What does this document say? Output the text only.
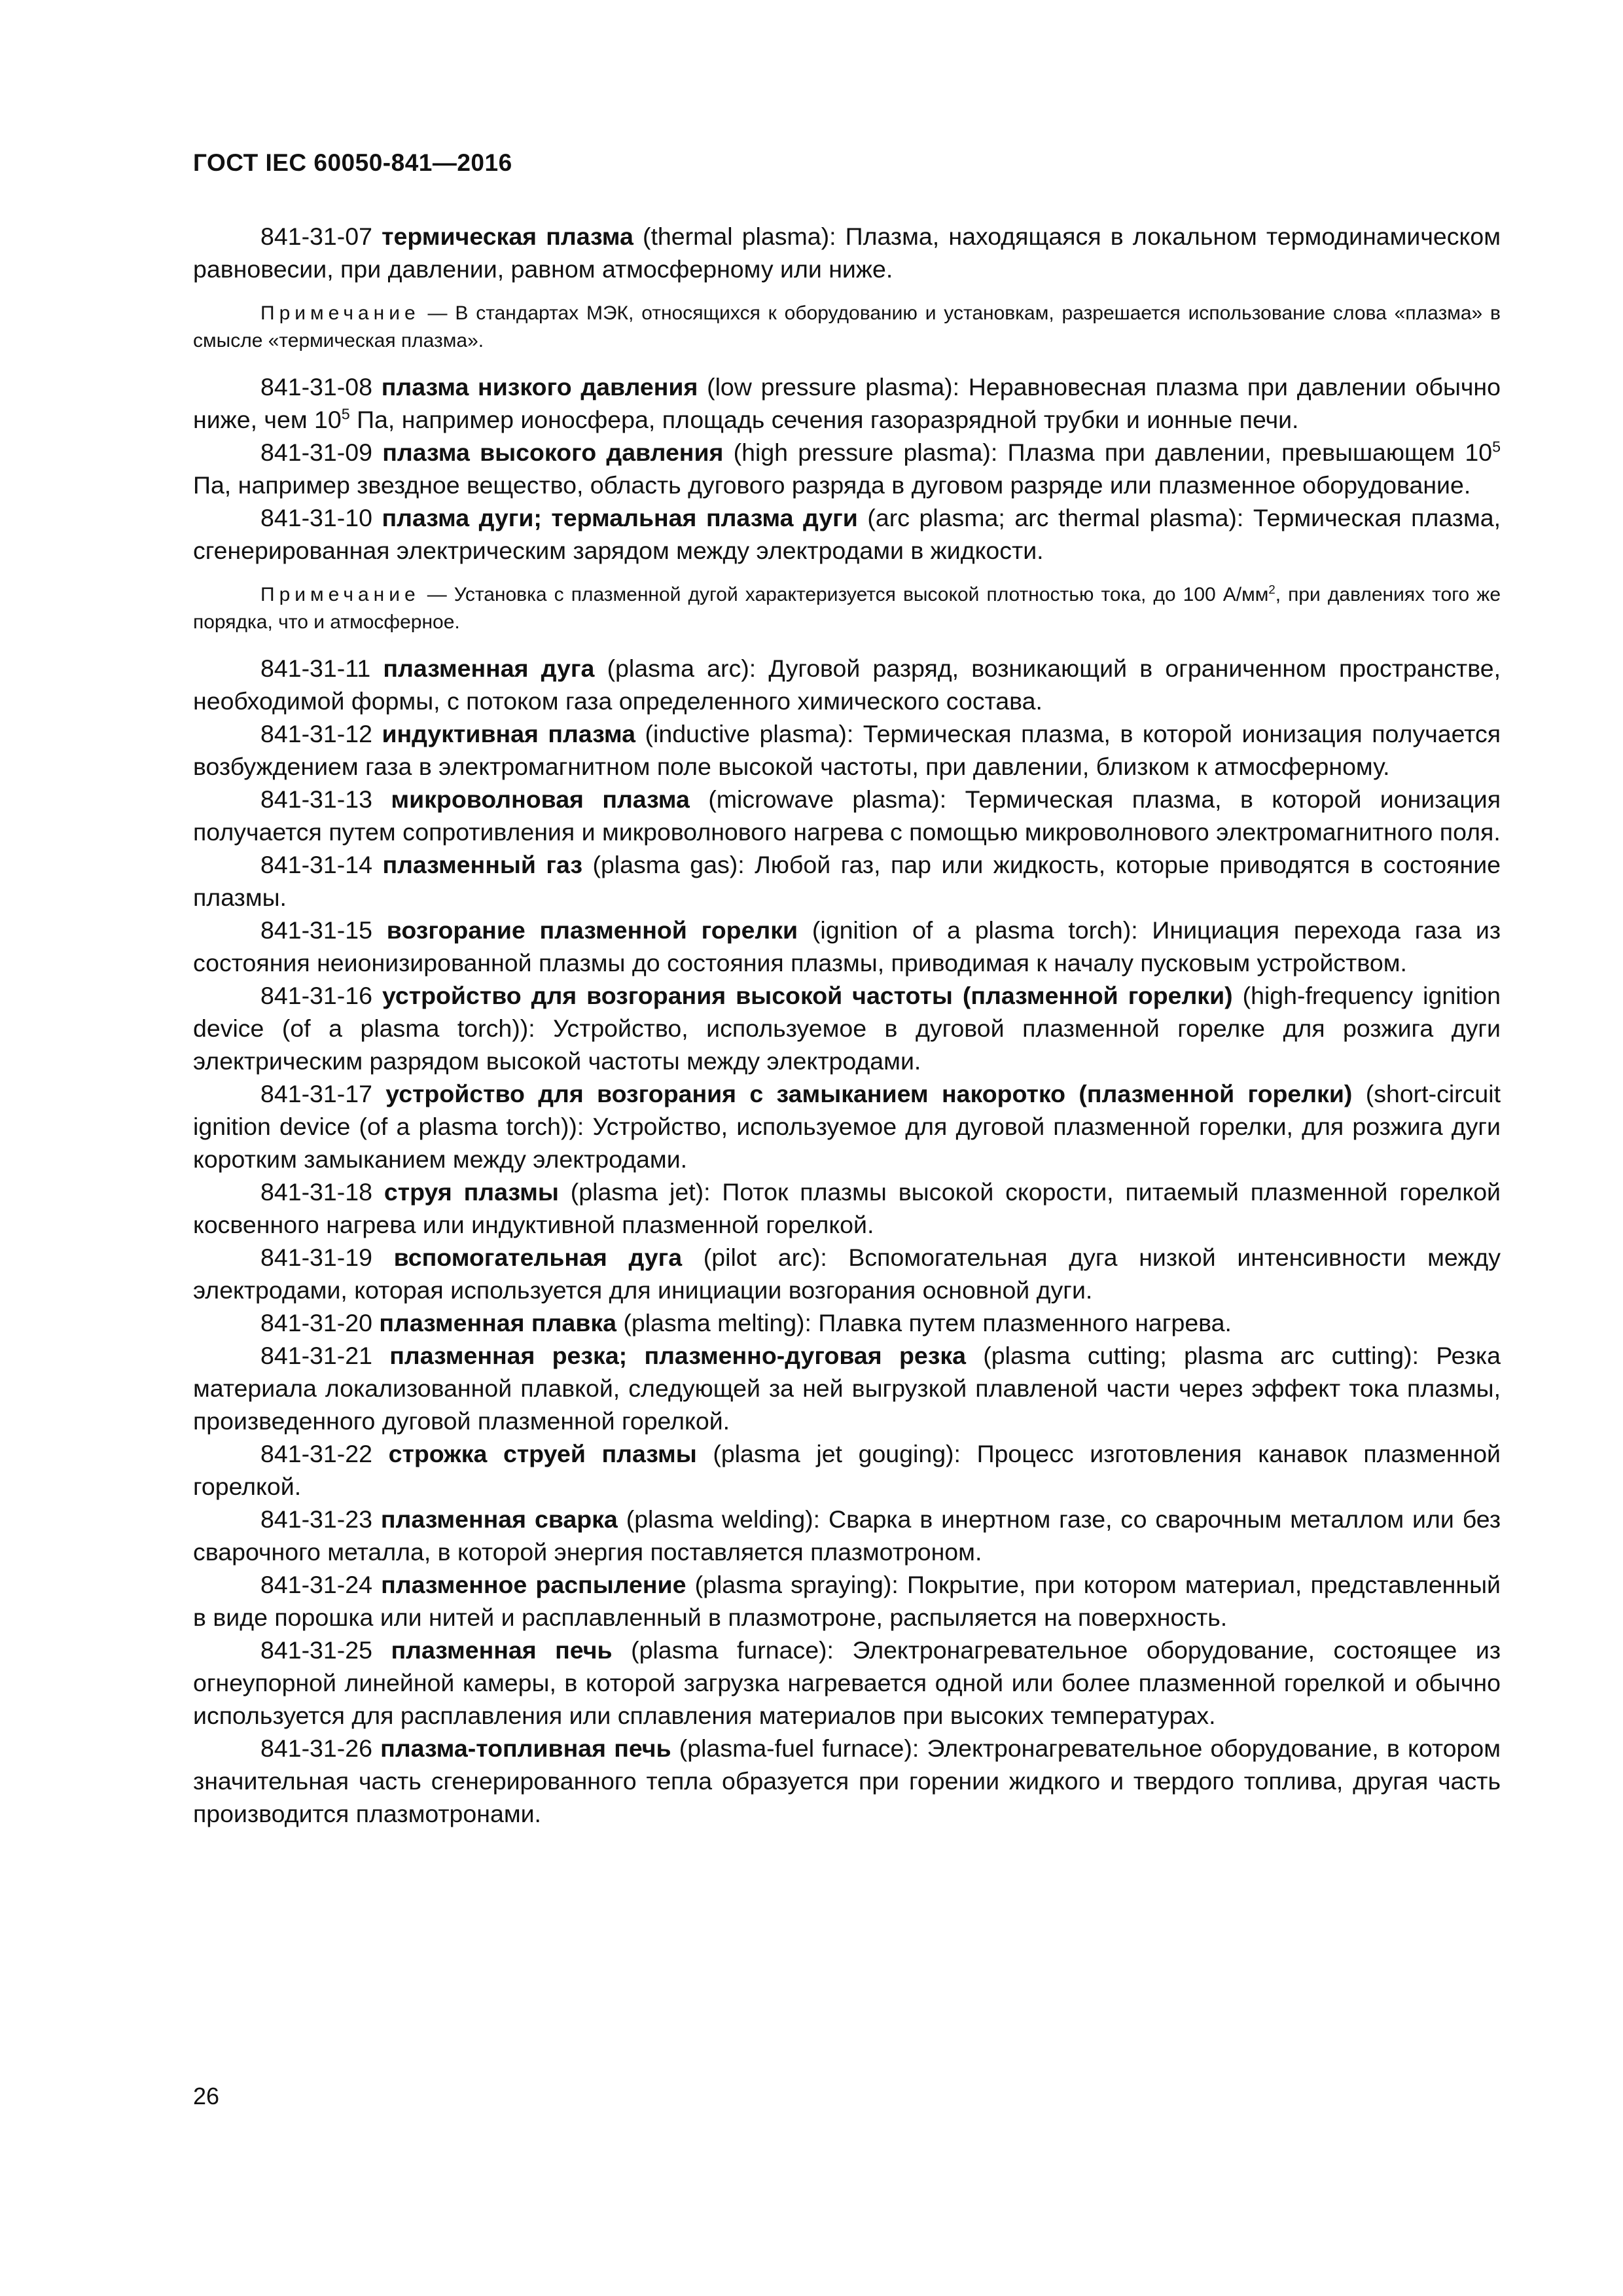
ГОСТ IEC 60050-841—2016

841-31-07 термическая плазма (thermal plasma): Плазма, находящаяся в локальном термодинамическом равновесии, при давлении, равном атмосферному или ниже.

Примечание — В стандартах МЭК, относящихся к оборудованию и установкам, разрешается использование слова «плазма» в смысле «термическая плазма».

841-31-08 плазма низкого давления (low pressure plasma): Неравновесная плазма при давлении обычно ниже, чем $10^5$ Па, например ионосфера, площадь сечения газоразрядной трубки и ионные печи.

841-31-09 плазма высокого давления (high pressure plasma): Плазма при давлении, превышающем $10^5$ Па, например звездное вещество, область дугового разряда в дуговом разряде или плазменное оборудование.

841-31-10 плазма дуги; термальная плазма дуги (arc plasma; arc thermal plasma): Термическая плазма, сгенерированная электрическим зарядом между электродами в жидкости.

Примечание — Установка с плазменной дугой характеризуется высокой плотностью тока, до 100 $А/мм^2$, при давлениях того же порядка, что и атмосферное.

841-31-11 плазменная дуга (plasma arc): Дуговой разряд, возникающий в ограниченном пространстве, необходимой формы, с потоком газа определенного химического состава.

841-31-12 индуктивная плазма (inductive plasma): Термическая плазма, в которой ионизация получается возбуждением газа в электромагнитном поле высокой частоты, при давлении, близком к атмосферному.

841-31-13 микроволновая плазма (microwave plasma): Термическая плазма, в которой ионизация получается путем сопротивления и микроволнового нагрева с помощью микроволнового электромагнитного поля.

841-31-14 плазменный газ (plasma gas): Любой газ, пар или жидкость, которые приводятся в состояние плазмы.

841-31-15 возгорание плазменной горелки (ignition of a plasma torch): Инициация перехода газа из состояния неионизированной плазмы до состояния плазмы, приводимая к началу пусковым устройством.

841-31-16 устройство для возгорания высокой частоты (плазменной горелки) (high-frequency ignition device (of a plasma torch)): Устройство, используемое в дуговой плазменной горелке для розжига дуги электрическим разрядом высокой частоты между электродами.

841-31-17 устройство для возгорания с замыканием накоротко (плазменной горелки) (short-circuit ignition device (of a plasma torch)): Устройство, используемое для дуговой плазменной горелки, для розжига дуги коротким замыканием между электродами.

841-31-18 струя плазмы (plasma jet): Поток плазмы высокой скорости, питаемый плазменной горелкой косвенного нагрева или индуктивной плазменной горелкой.

841-31-19 вспомогательная дуга (pilot arc): Вспомогательная дуга низкой интенсивности между электродами, которая используется для инициации возгорания основной дуги.

841-31-20 плазменная плавка (plasma melting): Плавка путем плазменного нагрева.

841-31-21 плазменная резка; плазменно-дуговая резка (plasma cutting; plasma arc cutting): Резка материала локализованной плавкой, следующей за ней выгрузкой плавленой части через эффект тока плазмы, произведенного дуговой плазменной горелкой.

841-31-22 строжка струей плазмы (plasma jet gouging): Процесс изготовления канавок плазменной горелкой.

841-31-23 плазменная сварка (plasma welding): Сварка в инертном газе, со сварочным металлом или без сварочного металла, в которой энергия поставляется плазмотроном.

841-31-24 плазменное распыление (plasma spraying): Покрытие, при котором материал, представленный в виде порошка или нитей и расплавленный в плазмотроне, распыляется на поверхность.

841-31-25 плазменная печь (plasma furnace): Электронагревательное оборудование, состоящее из огнеупорной линейной камеры, в которой загрузка нагревается одной или более плазменной горелкой и обычно используется для расплавления или сплавления материалов при высоких температурах.

841-31-26 плазма-топливная печь (plasma-fuel furnace): Электронагревательное оборудование, в котором значительная часть сгенерированного тепла образуется при горении жидкого и твердого топлива, другая часть производится плазмотронами.

26
